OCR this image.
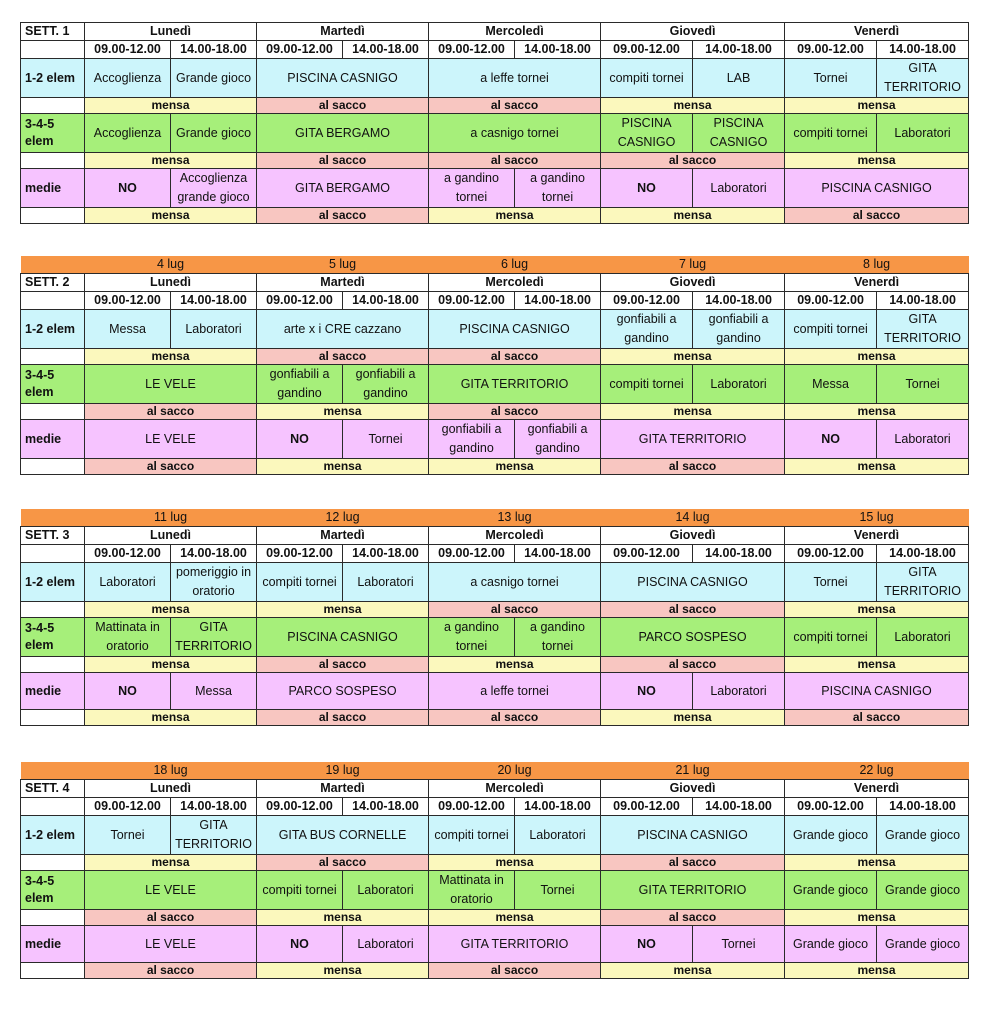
SETT. 1	Lunedì		Martedì		Mercoledì		Giovedì		Venerdì	
	09.00-12.00	14.00-18.00	09.00-12.00	14.00-18.00	09.00-12.00	14.00-18.00	09.00-12.00	14.00-18.00	09.00-12.00	14.00-18.00
1-2 elem	Accoglienza	Grande gioco	PISCINA CASNIGO		a leffe tornei		compiti tornei	LAB	Tornei	GITA TERRITORIO
	mensa		al sacco		al sacco		mensa		mensa	
3-4-5 elem	Accoglienza	Grande gioco	GITA BERGAMO		a casnigo tornei		PISCINA CASNIGO	PISCINA CASNIGO	compiti tornei	Laboratori
	mensa		al sacco		al sacco		al sacco		mensa	
medie	NO	Accoglienza grande gioco	GITA BERGAMO		a gandino tornei	a gandino tornei	NO	Laboratori	PISCINA CASNIGO	
	mensa		al sacco		mensa		mensa		al sacco	
	4 lug		5 lug		6 lug		7 lug		8 lug	
SETT. 2	Lunedì		Martedì		Mercoledì		Giovedì		Venerdì	
	09.00-12.00	14.00-18.00	09.00-12.00	14.00-18.00	09.00-12.00	14.00-18.00	09.00-12.00	14.00-18.00	09.00-12.00	14.00-18.00
1-2 elem	Messa	Laboratori	arte x i CRE cazzano		PISCINA CASNIGO		gonfiabili a gandino	gonfiabili a gandino	compiti tornei	GITA TERRITORIO
	mensa		al sacco		al sacco		mensa		mensa	
3-4-5 elem	LE VELE		gonfiabili a gandino	gonfiabili a gandino	GITA TERRITORIO		compiti tornei	Laboratori	Messa	Tornei
	al sacco		mensa		al sacco		mensa		mensa	
medie	LE VELE		NO	Tornei	gonfiabili a gandino	gonfiabili a gandino	GITA TERRITORIO		NO	Laboratori
	al sacco		mensa		mensa		al sacco		mensa	
	11 lug		12 lug		13 lug		14 lug		15 lug	
SETT. 3	Lunedì		Martedì		Mercoledì		Giovedì		Venerdì	
	09.00-12.00	14.00-18.00	09.00-12.00	14.00-18.00	09.00-12.00	14.00-18.00	09.00-12.00	14.00-18.00	09.00-12.00	14.00-18.00
1-2 elem	Laboratori	pomeriggio in oratorio	compiti tornei	Laboratori	a casnigo tornei		PISCINA CASNIGO		Tornei	GITA TERRITORIO
	mensa		mensa		al sacco		al sacco		mensa	
3-4-5 elem	Mattinata in oratorio	GITA TERRITORIO	PISCINA CASNIGO		a gandino tornei	a gandino tornei	PARCO SOSPESO		compiti tornei	Laboratori
	mensa		al sacco		mensa		al sacco		mensa	
medie	NO	Messa	PARCO SOSPESO		a leffe tornei		NO	Laboratori	PISCINA CASNIGO	
	mensa		al sacco		al sacco		mensa		al sacco	
	18 lug		19 lug		20 lug		21 lug		22 lug	
SETT. 4	Lunedì		Martedì		Mercoledì		Giovedì		Venerdì	
	09.00-12.00	14.00-18.00	09.00-12.00	14.00-18.00	09.00-12.00	14.00-18.00	09.00-12.00	14.00-18.00	09.00-12.00	14.00-18.00
1-2 elem	Tornei	GITA TERRITORIO	GITA BUS CORNELLE		compiti tornei	Laboratori	PISCINA CASNIGO		Grande gioco	Grande gioco
	mensa		al sacco		mensa		al sacco		mensa	
3-4-5 elem	LE VELE		compiti tornei	Laboratori	Mattinata in oratorio	Tornei	GITA TERRITORIO		Grande gioco	Grande gioco
	al sacco		mensa		mensa		al sacco		mensa	
medie	LE VELE		NO	Laboratori	GITA TERRITORIO		NO	Tornei	Grande gioco	Grande gioco
	al sacco		mensa		al sacco		mensa		mensa	
